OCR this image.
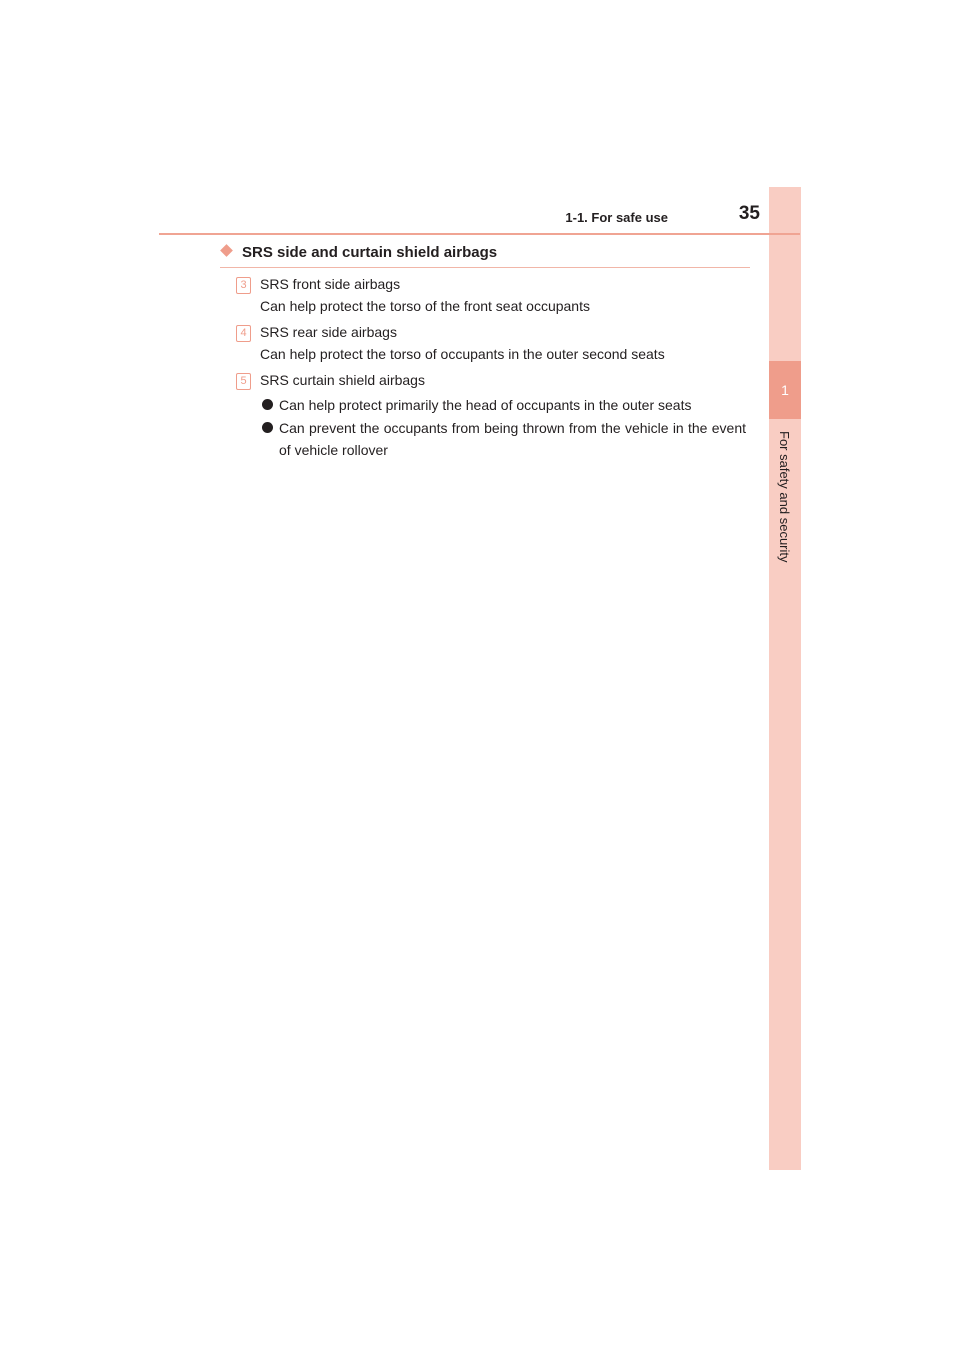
1
For safety and security
1-1. For safe use	35
SRS side and curtain shield airbags
3 SRS front side airbags
Can help protect the torso of the front seat occupants
4 SRS rear side airbags
Can help protect the torso of occupants in the outer second seats
5 SRS curtain shield airbags
Can help protect primarily the head of occupants in the outer seats
Can prevent the occupants from being thrown from the vehicle in the event of vehicle rollover
